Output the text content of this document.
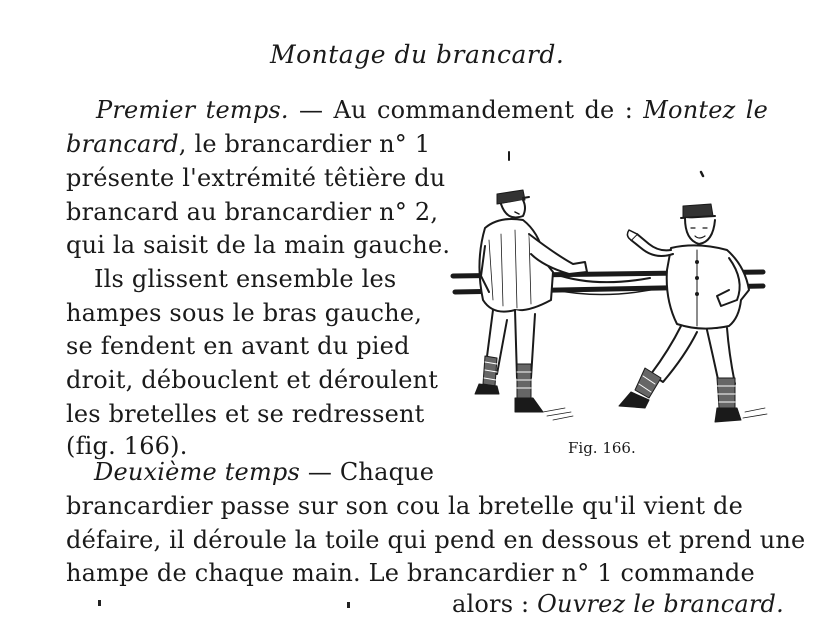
Montage du brancard.
Premier temps. — Au commandement de : Montez le
brancard, le brancardier n° 1
présente l'extrémité têtière du
brancard au brancardier n° 2,
qui la saisit de la main gauche.
Ils glissent ensemble les
hampes sous le bras gauche,
se fendent en avant du pied
droit, débouclent et déroulent
les bretelles et se redressent
(fig. 166).
Deuxième temps — Chaque
brancardier passe sur son cou la bretelle qu'il vient de
défaire, il déroule la toile qui pend en dessous et prend une
hampe de chaque main. Le brancardier n° 1 commande
alors : Ouvrez le brancard.
Fig. 166.
